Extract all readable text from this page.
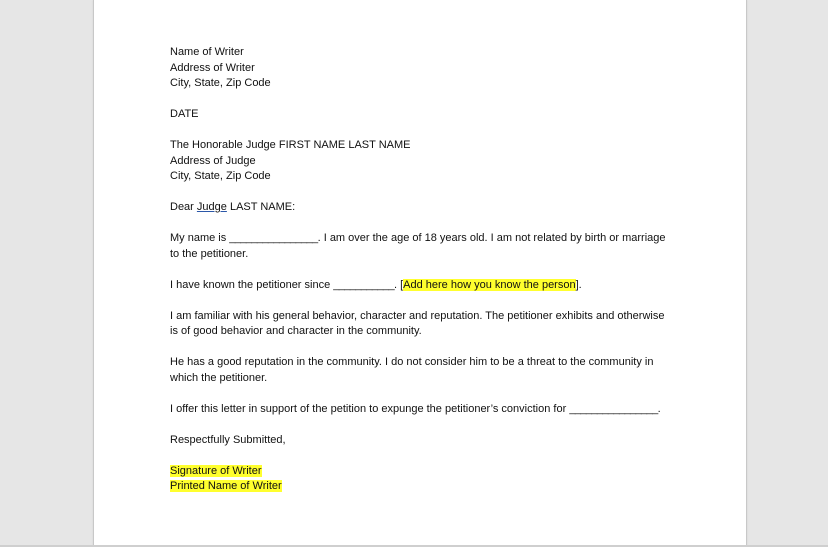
Name of Writer
Address of Writer
City, State, Zip Code
DATE
The Honorable Judge FIRST NAME LAST NAME
Address of Judge
City, State, Zip Code
Dear Judge LAST NAME:
My name is ________________. I am over the age of 18 years old. I am not related by birth or marriage to the petitioner.
I have known the petitioner since ___________. [Add here how you know the person].
I am familiar with his general behavior, character and reputation. The petitioner exhibits and otherwise is of good behavior and character in the community.
He has a good reputation in the community. I do not consider him to be a threat to the community in which the petitioner.
I offer this letter in support of the petition to expunge the petitioner’s conviction for ________________.
Respectfully Submitted,
Signature of Writer
Printed Name of Writer
